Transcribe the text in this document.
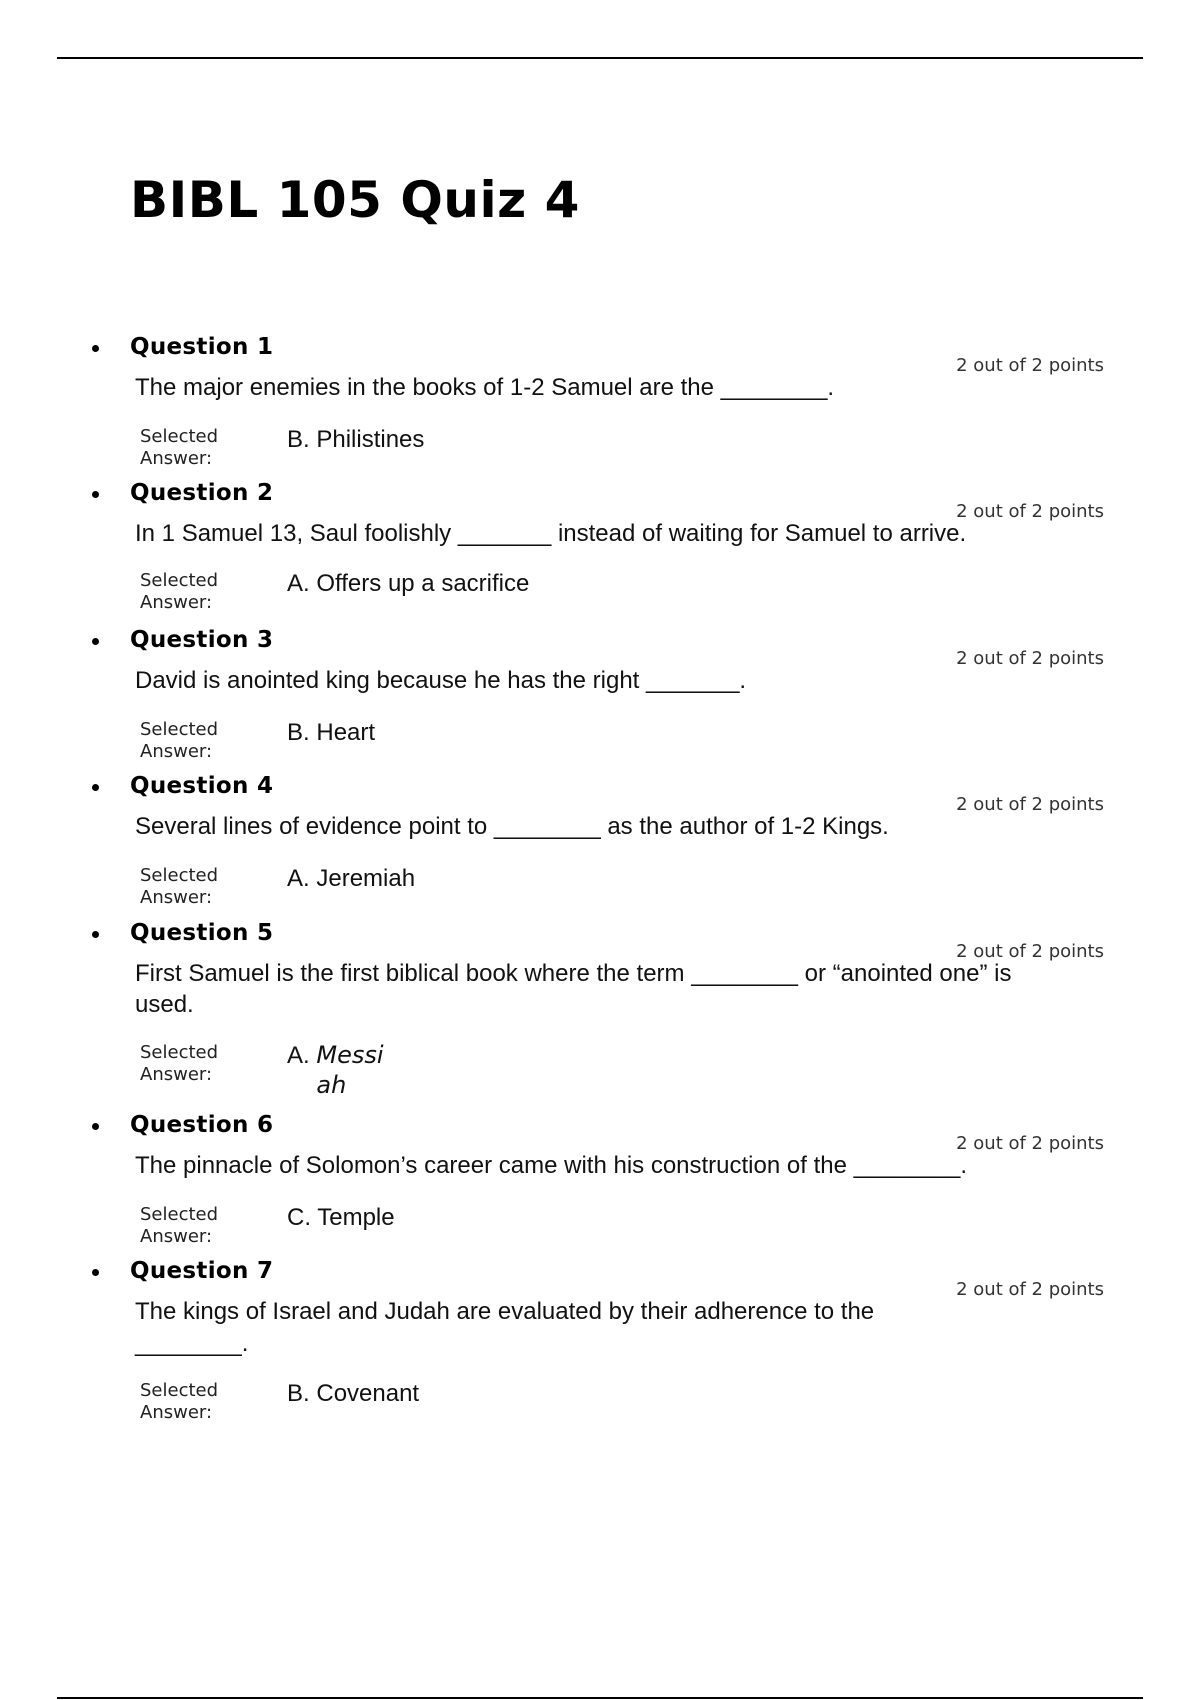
BIBL 105 Quiz 4
Question 1
2 out of 2 points
The major enemies in the books of 1-2 Samuel are the ________.
Selected
Answer:
B. Philistines
Question 2
2 out of 2 points
In 1 Samuel 13, Saul foolishly _______ instead of waiting for Samuel to arrive.
Selected
Answer:
A. Offers up a sacrifice
Question 3
2 out of 2 points
David is anointed king because he has the right _______.
Selected
Answer:
B. Heart
Question 4
2 out of 2 points
Several lines of evidence point to ________ as the author of 1-2 Kings.
Selected
Answer:
A. Jeremiah
Question 5
2 out of 2 points
First Samuel is the first biblical book where the term ________ or “anointed one” is used.
Selected
Answer:
A. Messiah
Question 6
2 out of 2 points
The pinnacle of Solomon’s career came with his construction of the ________.
Selected
Answer:
C. Temple
Question 7
2 out of 2 points
The kings of Israel and Judah are evaluated by their adherence to the ________.
Selected
Answer:
B. Covenant
